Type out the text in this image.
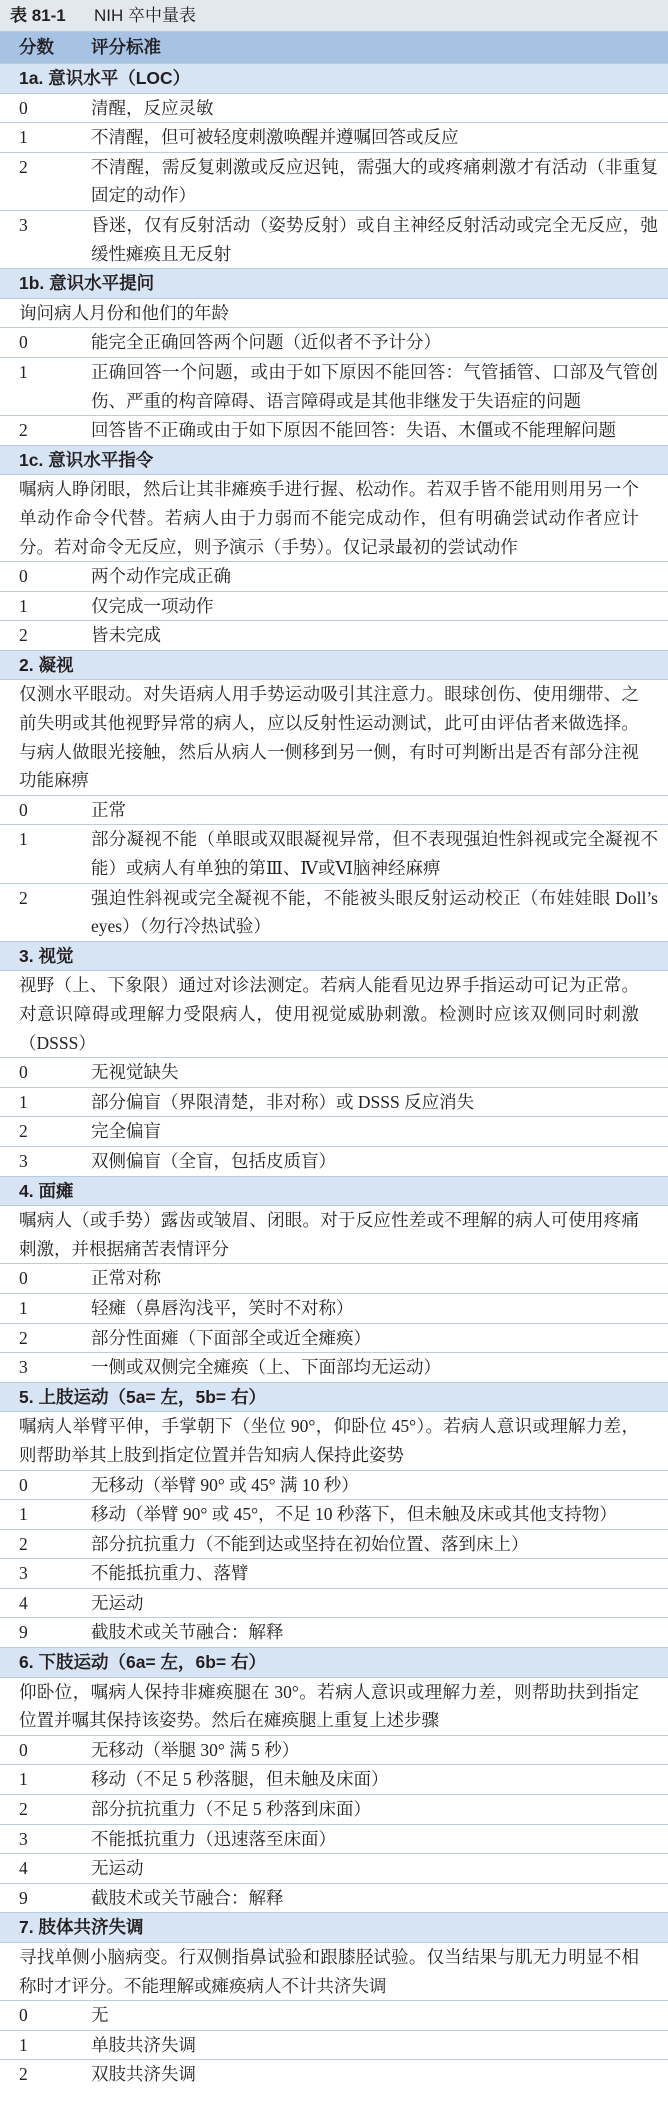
表 81-1 NIH 卒中量表
分数	评分标准
1a. 意识水平（LOC）
0	清醒，反应灵敏
1	不清醒，但可被轻度刺激唤醒并遵嘱回答或反应
2	不清醒，需反复刺激或反应迟钝，需强大的或疼痛刺激才有活动（非重复固定的动作）
3	昏迷，仅有反射活动（姿势反射）或自主神经反射活动或完全无反应，弛缓性瘫痪且无反射
1b. 意识水平提问
询问病人月份和他们的年龄
0	能完全正确回答两个问题（近似者不予计分）
1	正确回答一个问题，或由于如下原因不能回答：气管插管、口部及气管创伤、严重的构音障碍、语言障碍或是其他非继发于失语症的问题
2	回答皆不正确或由于如下原因不能回答：失语、木僵或不能理解问题
1c. 意识水平指令
嘱病人睁闭眼，然后让其非瘫痪手进行握、松动作。若双手皆不能用则用另一个单动作命令代替。若病人由于力弱而不能完成动作，但有明确尝试动作者应计分。若对命令无反应，则予演示（手势）。仅记录最初的尝试动作
0	两个动作完成正确
1	仅完成一项动作
2	皆未完成
2. 凝视
仅测水平眼动。对失语病人用手势运动吸引其注意力。眼球创伤、使用绷带、之前失明或其他视野异常的病人，应以反射性运动测试，此可由评估者来做选择。与病人做眼光接触，然后从病人一侧移到另一侧，有时可判断出是否有部分注视功能麻痹
0	正常
1	部分凝视不能（单眼或双眼凝视异常，但不表现强迫性斜视或完全凝视不能）或病人有单独的第Ⅲ、Ⅳ或Ⅵ脑神经麻痹
2	强迫性斜视或完全凝视不能，不能被头眼反射运动校正（布娃娃眼 Doll’s eyes）（勿行冷热试验）
3. 视觉
视野（上、下象限）通过对诊法测定。若病人能看见边界手指运动可记为正常。对意识障碍或理解力受限病人，使用视觉威胁刺激。检测时应该双侧同时刺激（DSSS）
0	无视觉缺失
1	部分偏盲（界限清楚，非对称）或 DSSS 反应消失
2	完全偏盲
3	双侧偏盲（全盲，包括皮质盲）
4. 面瘫
嘱病人（或手势）露齿或皱眉、闭眼。对于反应性差或不理解的病人可使用疼痛刺激，并根据痛苦表情评分
0	正常对称
1	轻瘫（鼻唇沟浅平，笑时不对称）
2	部分性面瘫（下面部全或近全瘫痪）
3	一侧或双侧完全瘫痪（上、下面部均无运动）
5. 上肢运动（5a= 左，5b= 右）
嘱病人举臂平伸，手掌朝下（坐位 90°，仰卧位 45°）。若病人意识或理解力差，则帮助举其上肢到指定位置并告知病人保持此姿势
0	无移动（举臂 90° 或 45° 满 10 秒）
1	移动（举臂 90° 或 45°，不足 10 秒落下，但未触及床或其他支持物）
2	部分抗抗重力（不能到达或坚持在初始位置、落到床上）
3	不能抵抗重力、落臂
4	无运动
9	截肢术或关节融合：解释
6. 下肢运动（6a= 左，6b= 右）
仰卧位，嘱病人保持非瘫痪腿在 30°。若病人意识或理解力差，则帮助扶到指定位置并嘱其保持该姿势。然后在瘫痪腿上重复上述步骤
0	无移动（举腿 30° 满 5 秒）
1	移动（不足 5 秒落腿，但未触及床面）
2	部分抗抗重力（不足 5 秒落到床面）
3	不能抵抗重力（迅速落至床面）
4	无运动
9	截肢术或关节融合：解释
7. 肢体共济失调
寻找单侧小脑病变。行双侧指鼻试验和跟膝胫试验。仅当结果与肌无力明显不相称时才评分。不能理解或瘫痪病人不计共济失调
0	无
1	单肢共济失调
2	双肢共济失调
